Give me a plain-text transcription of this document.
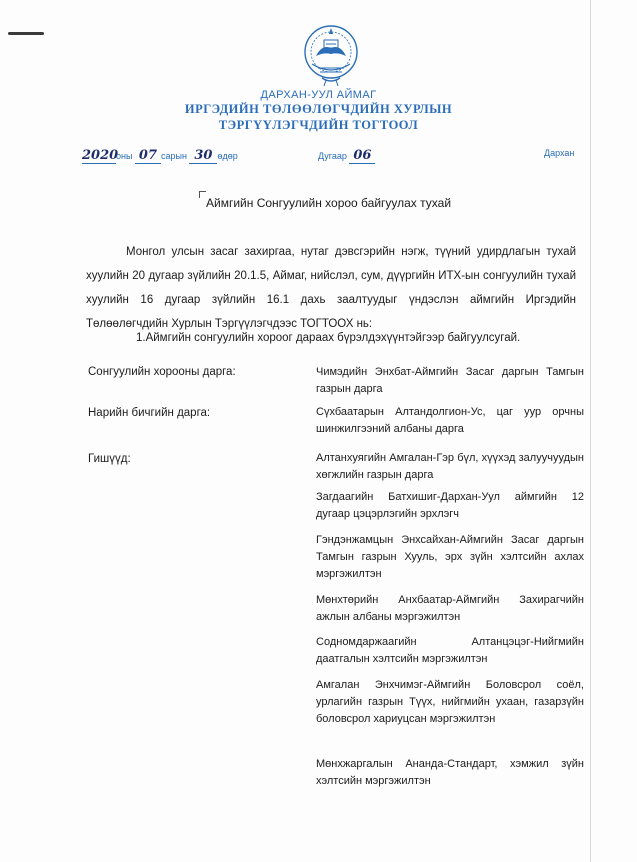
ДАРХАН-УУЛ АЙМАГ
ИРГЭДИЙН ТӨЛӨӨЛӨГЧДИЙН ХУРЛЫН
ТЭРГҮҮЛЭГЧДИЙН ТОГТООЛ
2020оны 07 сарын 30 өдөр	Дугаар 06	Дархан
Аймгийн Сонгуулийн хороо байгуулах тухай
Монгол улсын засаг захиргаа, нутаг дэвсгэрийн нэгж, түүний удирдлагын тухай хуулийн 20 дугаар зүйлийн 20.1.5, Аймаг, нийслэл, сум, дүүргийн ИТХ-ын сонгуулийн тухай хуулийн 16 дугаар зүйлийн 16.1 дахь заалтуудыг үндэслэн аймгийн Иргэдийн Төлөөлөгчдийн Хурлын Тэргүүлэгчдээс ТОГТООХ нь:
1.Аймгийн сонгуулийн хороог дараах бүрэлдэхүүнтэйгээр байгуулсугай.
Сонгуулийн хорооны дарга:
Нарийн бичгийн дарга:
Гишүүд:
Чимэдийн Энхбат-Аймгийн Засаг даргын Тамгын газрын дарга
Сүхбаатарын Алтандолгион-Ус, цаг уур орчны шинжилгээний албаны дарга
Алтанхуягийн Амгалан-Гэр бүл, хүүхэд залуучуудын хөгжлийн газрын дарга
Загдаагийн Батхишиг-Дархан-Уул аймгийн 12 дугаар цэцэрлэгийн эрхлэгч
Гэндэнжамцын Энхсайхан-Аймгийн Засаг даргын Тамгын газрын Хууль, эрх зүйн хэлтсийн ахлах мэргэжилтэн
Мөнхтөрийн Анхбаатар-Аймгийн Захирагчийн ажлын албаны мэргэжилтэн
Содномдаржаагийн Алтанцэцэг-Нийгмийн даатгалын хэлтсийн мэргэжилтэн
Амгалан Энхчимэг-Аймгийн Боловсрол соёл, урлагийн газрын Түүх, нийгмийн ухаан, газарзүйн боловсрол хариуцсан мэргэжилтэн
Мөнхжаргалын Ананда-Стандарт, хэмжил зүйн хэлтсийн мэргэжилтэн
